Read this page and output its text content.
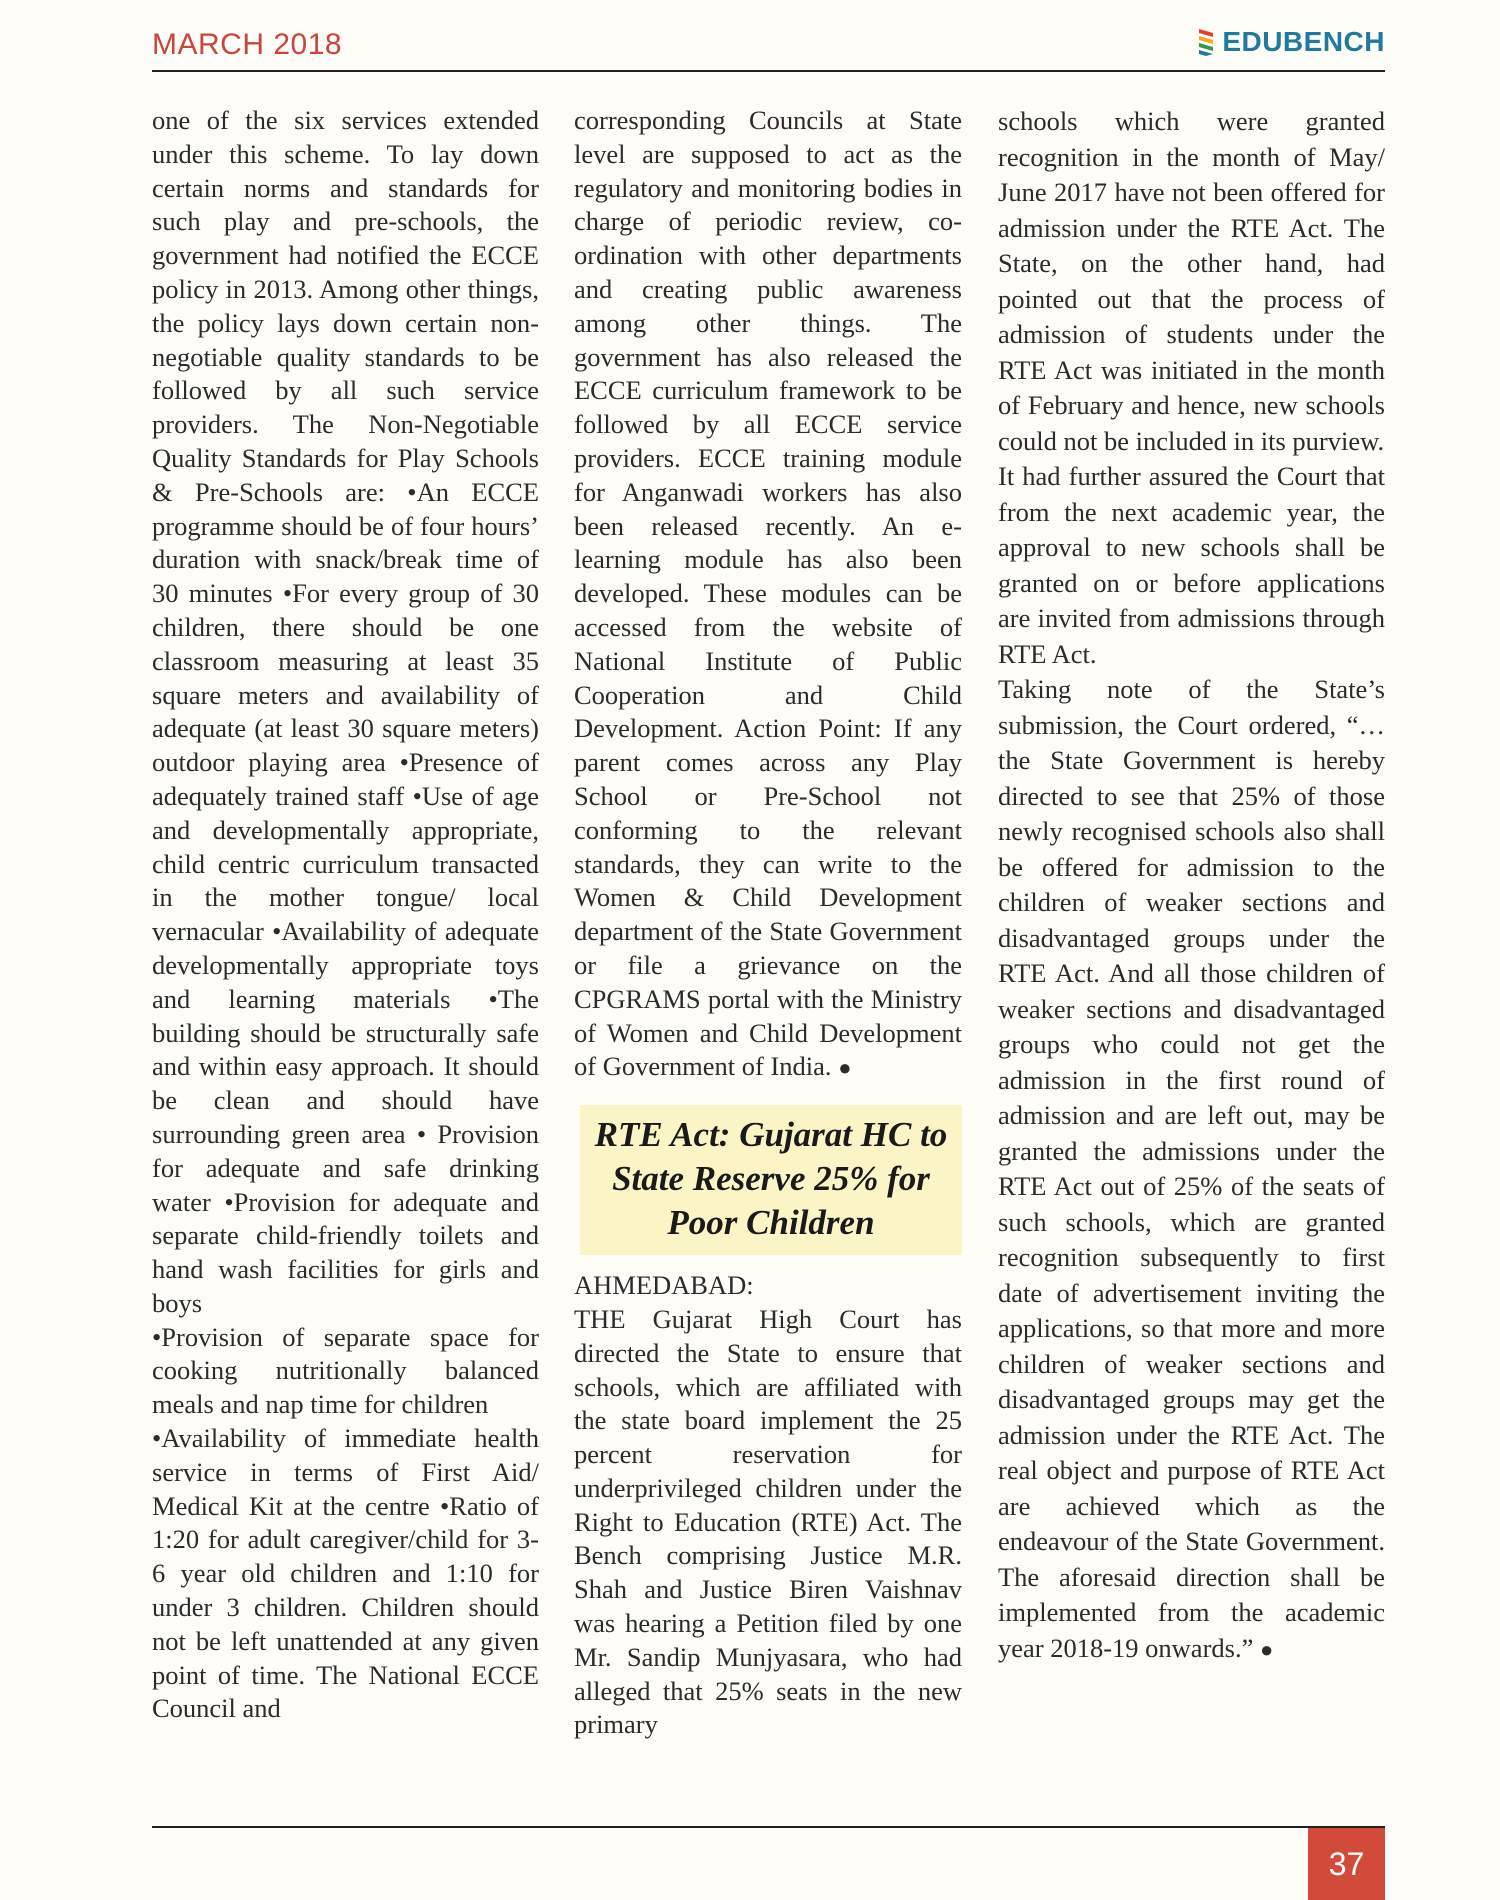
MARCH 2018	EDUBENCH

one of the six services extended under this scheme. To lay down certain norms and standards for such play and pre-schools, the government had notified the ECCE policy in 2013. Among other things, the policy lays down certain non-negotiable quality standards to be followed by all such service providers. The Non-Negotiable Quality Standards for Play Schools & Pre-Schools are: •An ECCE programme should be of four hours’ duration with snack/break time of 30 minutes •For every group of 30 children, there should be one classroom measuring at least 35 square meters and availability of adequate (at least 30 square meters) outdoor playing area •Presence of adequately trained staff •Use of age and developmentally appropriate, child centric curriculum transacted in the mother tongue/ local vernacular •Availability of adequate developmentally appropriate toys and learning materials •The building should be structurally safe and within easy approach. It should be clean and should have surrounding green area • Provision for adequate and safe drinking water •Provision for adequate and separate child-friendly toilets and hand wash facilities for girls and boys

•Provision of separate space for cooking nutritionally balanced meals and nap time for children

•Availability of immediate health service in terms of First Aid/ Medical Kit at the centre •Ratio of 1:20 for adult caregiver/child for 3-6 year old children and 1:10 for under 3 children. Children should not be left unattended at any given point of time. The National ECCE Council and

corresponding Councils at State level are supposed to act as the regulatory and monitoring bodies in charge of periodic review, co-ordination with other departments and creating public awareness among other things. The government has also released the ECCE curriculum framework to be followed by all ECCE service providers. ECCE training module for Anganwadi workers has also been released recently. An e-learning module has also been developed. These modules can be accessed from the website of National Institute of Public Cooperation and Child Development. Action Point: If any parent comes across any Play School or Pre-School not conforming to the relevant standards, they can write to the Women & Child Development department of the State Government or file a grievance on the CPGRAMS portal with the Ministry of Women and Child Development of Government of India. ●

RTE Act: Gujarat HC to State Reserve 25% for Poor Children

AHMEDABAD:

THE Gujarat High Court has directed the State to ensure that schools, which are affiliated with the state board implement the 25 percent reservation for underprivileged children under the Right to Education (RTE) Act. The Bench comprising Justice M.R. Shah and Justice Biren Vaishnav was hearing a Petition filed by one Mr. Sandip Munjyasara, who had alleged that 25% seats in the new primary

schools which were granted recognition in the month of May/ June 2017 have not been offered for admission under the RTE Act. The State, on the other hand, had pointed out that the process of admission of students under the RTE Act was initiated in the month of February and hence, new schools could not be included in its purview.

It had further assured the Court that from the next academic year, the approval to new schools shall be granted on or before applications are invited from admissions through RTE Act.

Taking note of the State’s submission, the Court ordered, “…the State Government is hereby directed to see that 25% of those newly recognised schools also shall be offered for admission to the children of weaker sections and disadvantaged groups under the RTE Act. And all those children of weaker sections and disadvantaged groups who could not get the admission in the first round of admission and are left out, may be granted the admissions under the RTE Act out of 25% of the seats of such schools, which are granted recognition subsequently to first date of advertisement inviting the applications, so that more and more children of weaker sections and disadvantaged groups may get the admission under the RTE Act. The real object and purpose of RTE Act are achieved which as the endeavour of the State Government. The aforesaid direction shall be implemented from the academic year 2018-19 onwards.” ●

37
